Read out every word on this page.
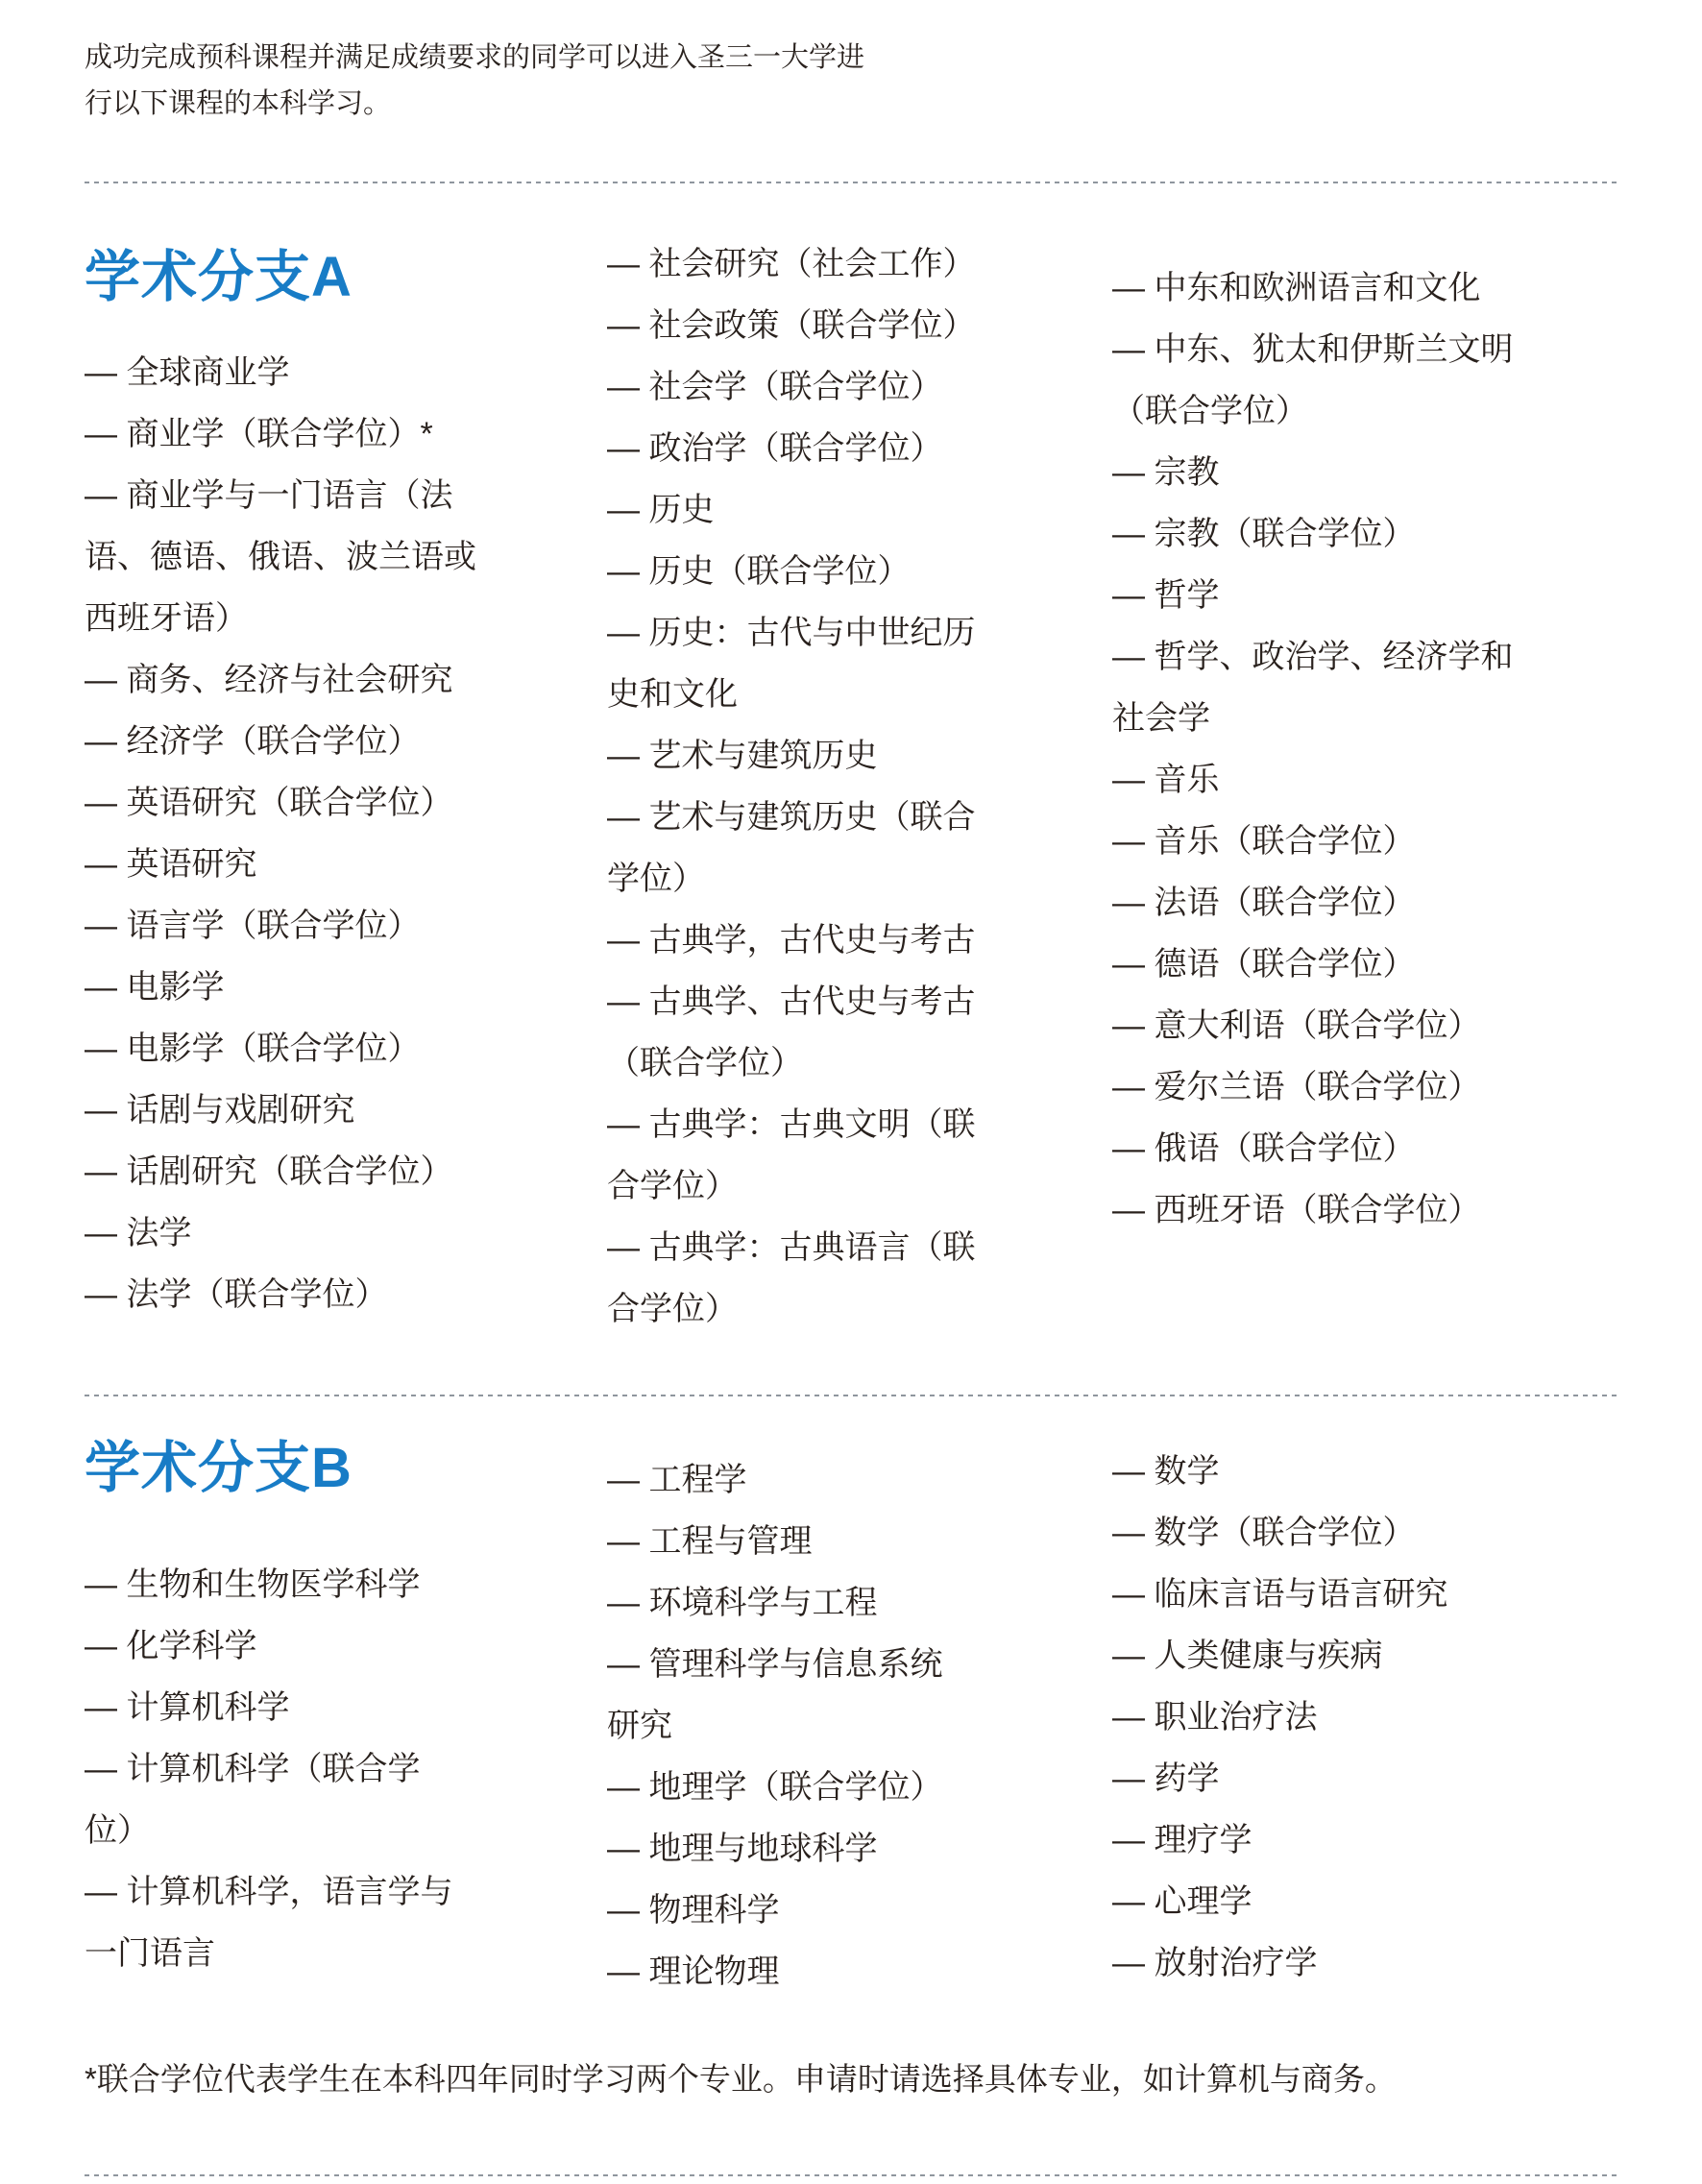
成功完成预科课程并满足成绩要求的同学可以进入圣三一大学进行以下课程的本科学习。

学术分支A

— 全球商业学

— 商业学（联合学位）*

— 商业学与一门语言（法语、德语、俄语、波兰语或西班牙语）

— 商务、经济与社会研究

— 经济学（联合学位）

— 英语研究（联合学位）

— 英语研究

— 语言学（联合学位）

— 电影学

— 电影学（联合学位）

— 话剧与戏剧研究

— 话剧研究（联合学位）

— 法学

— 法学（联合学位）

— 社会研究（社会工作）

— 社会政策（联合学位）

— 社会学（联合学位）

— 政治学（联合学位）

— 历史

— 历史（联合学位）

— 历史：古代与中世纪历史和文化

— 艺术与建筑历史

— 艺术与建筑历史（联合学位）

— 古典学，古代史与考古

— 古典学、古代史与考古（联合学位）

— 古典学：古典文明（联合学位）

— 古典学：古典语言（联合学位）

— 中东和欧洲语言和文化

— 中东、犹太和伊斯兰文明（联合学位）

— 宗教

— 宗教（联合学位）

— 哲学

— 哲学、政治学、经济学和社会学

— 音乐

— 音乐（联合学位）

— 法语（联合学位）

— 德语（联合学位）

— 意大利语（联合学位）

— 爱尔兰语（联合学位）

— 俄语（联合学位）

— 西班牙语（联合学位）

学术分支B

— 生物和生物医学科学

— 化学科学

— 计算机科学

— 计算机科学（联合学位）

— 计算机科学，语言学与一门语言

— 工程学

— 工程与管理

— 环境科学与工程

— 管理科学与信息系统研究

— 地理学（联合学位）

— 地理与地球科学

— 物理科学

— 理论物理

— 数学

— 数学（联合学位）

— 临床言语与语言研究

— 人类健康与疾病

— 职业治疗法

— 药学

— 理疗学

— 心理学

— 放射治疗学

*联合学位代表学生在本科四年同时学习两个专业。申请时请选择具体专业，如计算机与商务。
